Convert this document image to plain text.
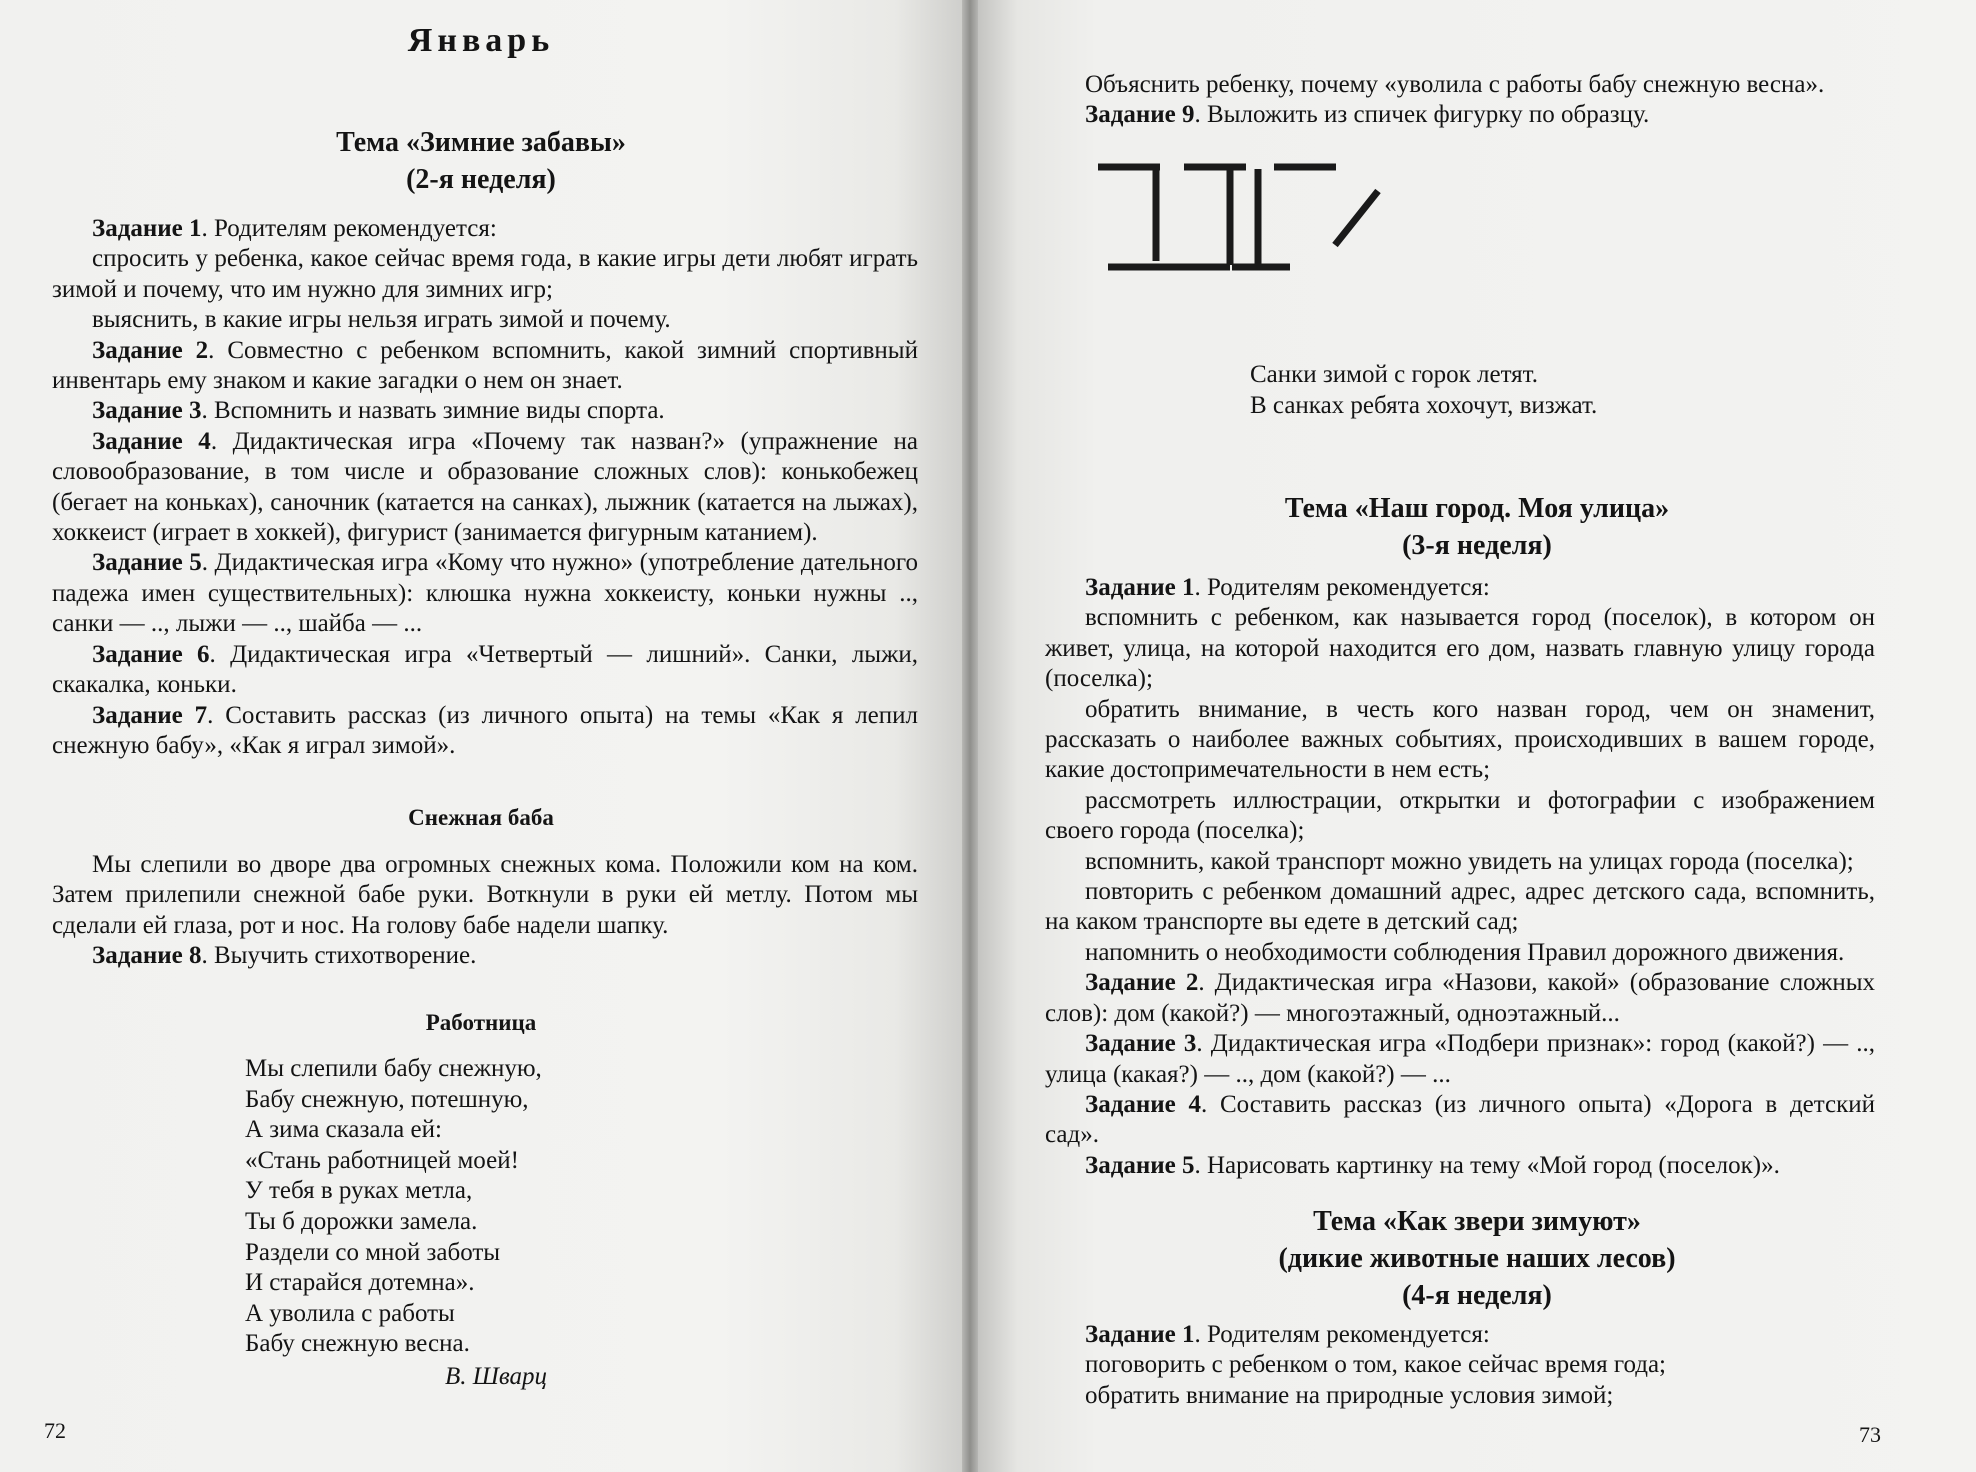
Январь
Тема «Зимние забавы»
(2-я неделя)

Задание 1. Родителям рекомендуется:

спросить у ребенка, какое сейчас время года, в какие игры дети любят играть зимой и почему, что им нужно для зимних игр;

выяснить, в какие игры нельзя играть зимой и почему.

Задание 2. Совместно с ребенком вспомнить, какой зимний спортивный инвентарь ему знаком и какие загадки о нем он знает.

Задание 3. Вспомнить и назвать зимние виды спорта.

Задание 4. Дидактическая игра «Почему так назван?» (упражнение на словообразование, в том числе и образование сложных слов): конькобежец (бегает на коньках), саночник (катается на санках), лыжник (катается на лыжах), хоккеист (играет в хоккей), фигурист (занимается фигурным катанием).

Задание 5. Дидактическая игра «Кому что нужно» (употребление дательного падежа имен существительных): клюшка нужна хоккеисту, коньки нужны .., санки — .., лыжи — .., шайба — ...

Задание 6. Дидактическая игра «Четвертый — лишний». Санки, лыжи, скакалка, коньки.

Задание 7. Составить рассказ (из личного опыта) на темы «Как я лепил снежную бабу», «Как я играл зимой».

Снежная баба

Мы слепили во дворе два огромных снежных кома. Положили ком на ком. Затем прилепили снежной бабе руки. Воткнули в руки ей метлу. Потом мы сделали ей глаза, рот и нос. На голову бабе надели шапку.

Задание 8. Выучить стихотворение.

Работница
Мы слепили бабу снежную,
Бабу снежную, потешную,
А зима сказала ей:
«Стань работницей моей!
У тебя в руках метла,
Ты б дорожки замела.
Раздели со мной заботы
И старайся дотемна».
А уволила с работы
Бабу снежную весна.
В. Шварц
72

Объяснить ребенку, почему «уволила с работы бабу снежную весна».

Задание 9. Выложить из спичек фигурку по образцу.

Санки зимой с горок летят.
В санках ребята хохочут, визжат.
Тема «Наш город. Моя улица»
(3-я неделя)

Задание 1. Родителям рекомендуется:

вспомнить с ребенком, как называется город (поселок), в котором он живет, улица, на которой находится его дом, назвать главную улицу города (поселка);

обратить внимание, в честь кого назван город, чем он знаменит, рассказать о наиболее важных событиях, происходивших в вашем городе, какие достопримечательности в нем есть;

рассмотреть иллюстрации, открытки и фотографии с изображением своего города (поселка);

вспомнить, какой транспорт можно увидеть на улицах города (поселка);

повторить с ребенком домашний адрес, адрес детского сада, вспомнить, на каком транспорте вы едете в детский сад;

напомнить о необходимости соблюдения Правил дорожного движения.

Задание 2. Дидактическая игра «Назови, какой» (образование сложных слов): дом (какой?) — многоэтажный, одноэтажный...

Задание 3. Дидактическая игра «Подбери признак»: город (какой?) — .., улица (какая?) — .., дом (какой?) — ...

Задание 4. Составить рассказ (из личного опыта) «Дорога в детский сад».

Задание 5. Нарисовать картинку на тему «Мой город (поселок)».

Тема «Как звери зимуют»
(дикие животные наших лесов)
(4-я неделя)

Задание 1. Родителям рекомендуется:

поговорить с ребенком о том, какое сейчас время года;

обратить внимание на природные условия зимой;

73
